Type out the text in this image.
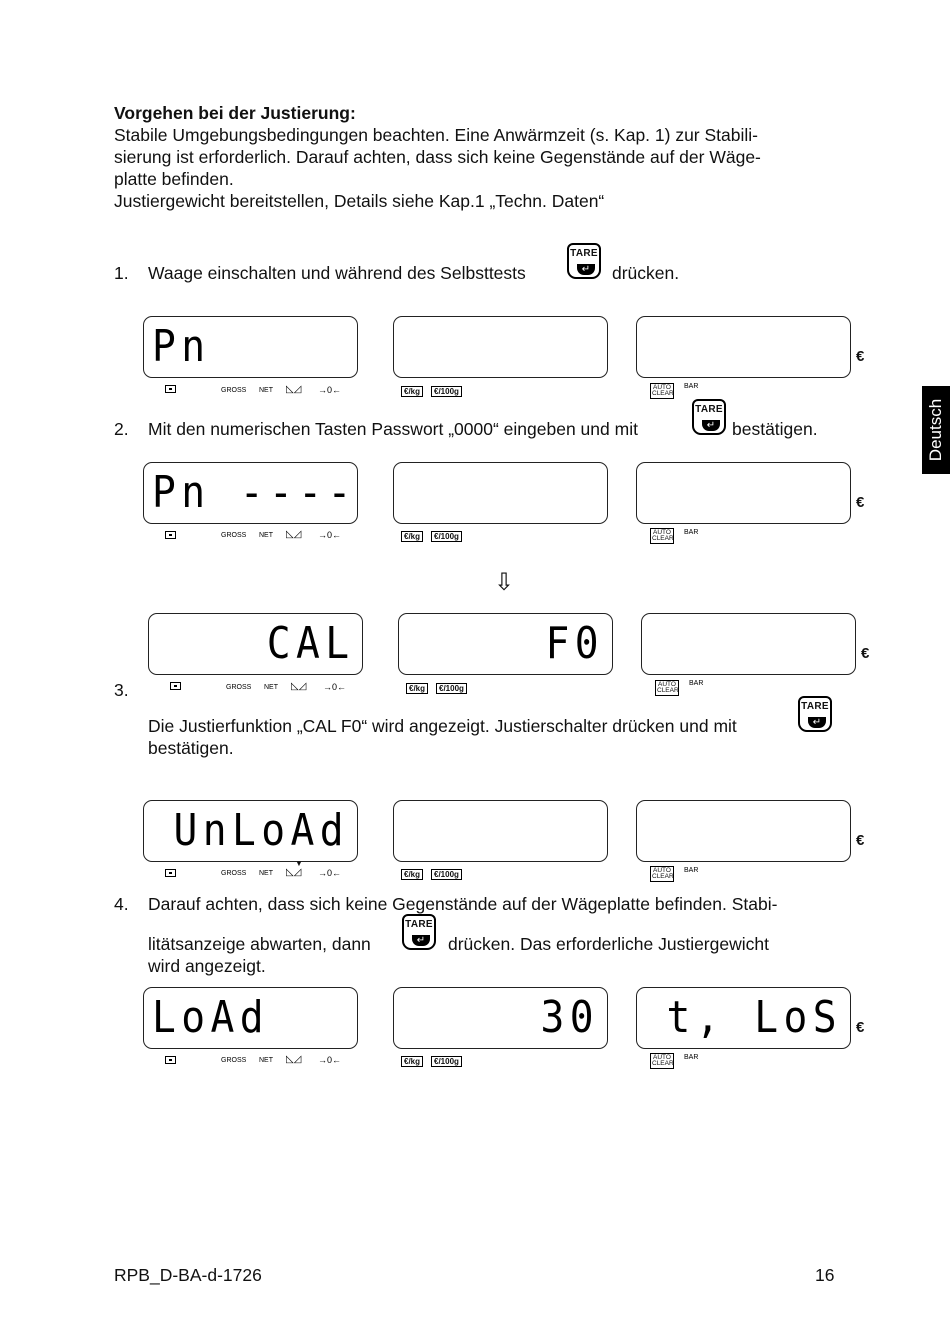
Deutsch
Vorgehen bei der Justierung:
Stabile Umgebungsbedingungen beachten. Eine Anwärmzeit (s. Kap. 1) zur Stabili-
sierung ist erforderlich. Darauf achten, dass sich keine Gegenstände auf der Wäge-
platte befinden.
Justiergewicht bereitstellen, Details siehe Kap.1 „Techn. Daten“
1. Waage einschalten und während des Selbsttests
TARE
↵ drücken.
Pn	€
GROSS NET ◺◿ →0←	€/kg	€/100g	AUTO
CLEAR
BAR
2. Mit den numerischen Tasten Passwort „0000“ eingeben und mit
TARE
↵ bestätigen.
Pn ----	€
GROSS NET ◺◿ →0←	€/kg	€/100g	AUTO
CLEAR
BAR
⇩
CAL	F0	€
GROSS NET ◺◿ →0←	€/kg	€/100g	AUTO
CLEAR
BAR
3.
Die Justierfunktion „CAL F0“ wird angezeigt. Justierschalter drücken und mit
TARE
↵
bestätigen.
UnLoAd
▼
€
GROSS NET ◺◿ →0←	€/kg	€/100g	AUTO
CLEAR
BAR
4. Darauf achten, dass sich keine Gegenstände auf der Wägeplatte befinden. Stabi-
litätsanzeige abwarten, dann
TARE
↵ drücken. Das erforderliche Justiergewicht
wird angezeigt.
LoAd	30 t, LoS €
GROSS NET ◺◿ →0←	€/kg	€/100g	AUTO
CLEAR
BAR
RPB_D-BA-d-1726	16
